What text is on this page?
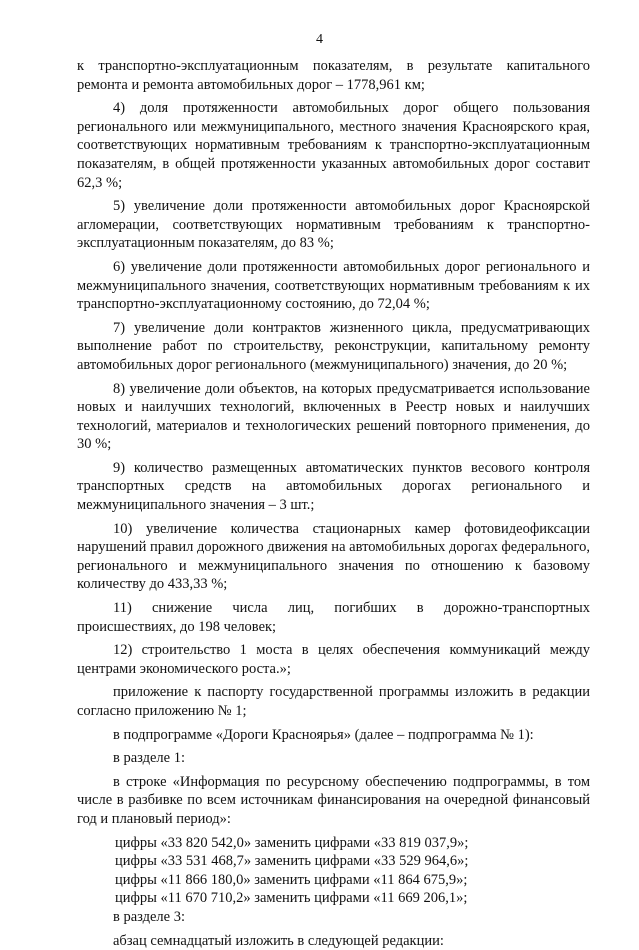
4

к транспортно-эксплуатационным показателям, в результате капитального ремонта и ремонта автомобильных дорог – 1778,961 км;

4) доля протяженности автомобильных дорог общего пользования регионального или межмуниципального, местного значения Красноярского края, соответствующих нормативным требованиям к транспортно-эксплуатационным показателям, в общей протяженности указанных автомобильных дорог составит 62,3 %;

5) увеличение доли протяженности автомобильных дорог Красноярской агломерации, соответствующих нормативным требованиям к транспортно-эксплуатационным показателям, до 83 %;

6) увеличение доли протяженности автомобильных дорог регионального и межмуниципального значения, соответствующих нормативным требованиям к их транспортно-эксплуатационному состоянию, до 72,04 %;

7) увеличение доли контрактов жизненного цикла, предусматривающих выполнение работ по строительству, реконструкции, капитальному ремонту автомобильных дорог регионального (межмуниципального) значения, до 20 %;

8) увеличение доли объектов, на которых предусматривается использование новых и наилучших технологий, включенных в Реестр новых и наилучших технологий, материалов и технологических решений повторного применения, до 30 %;

9) количество размещенных автоматических пунктов весового контроля транспортных средств на автомобильных дорогах регионального и межмуниципального значения – 3 шт.;

10) увеличение количества стационарных камер фотовидеофиксации нарушений правил дорожного движения на автомобильных дорогах федерального, регионального и межмуниципального значения по отношению к базовому количеству до 433,33 %;

11) снижение числа лиц, погибших в дорожно-транспортных происшествиях, до 198 человек;

12) строительство 1 моста в целях обеспечения коммуникаций между центрами экономического роста.»;

приложение к паспорту государственной программы изложить в редакции согласно приложению № 1;

в подпрограмме «Дороги Красноярья» (далее – подпрограмма № 1):

в разделе 1:

в строке «Информация по ресурсному обеспечению подпрограммы, в том числе в разбивке по всем источникам финансирования на очередной финансовый год и плановый период»:

цифры «33 820 542,0» заменить цифрами «33 819 037,9»;

цифры «33 531 468,7» заменить цифрами «33 529 964,6»;

цифры «11 866 180,0» заменить цифрами «11 864 675,9»;

цифры «11 670 710,2» заменить цифрами «11 669 206,1»;

в разделе 3:

абзац семнадцатый изложить в следующей редакции:
